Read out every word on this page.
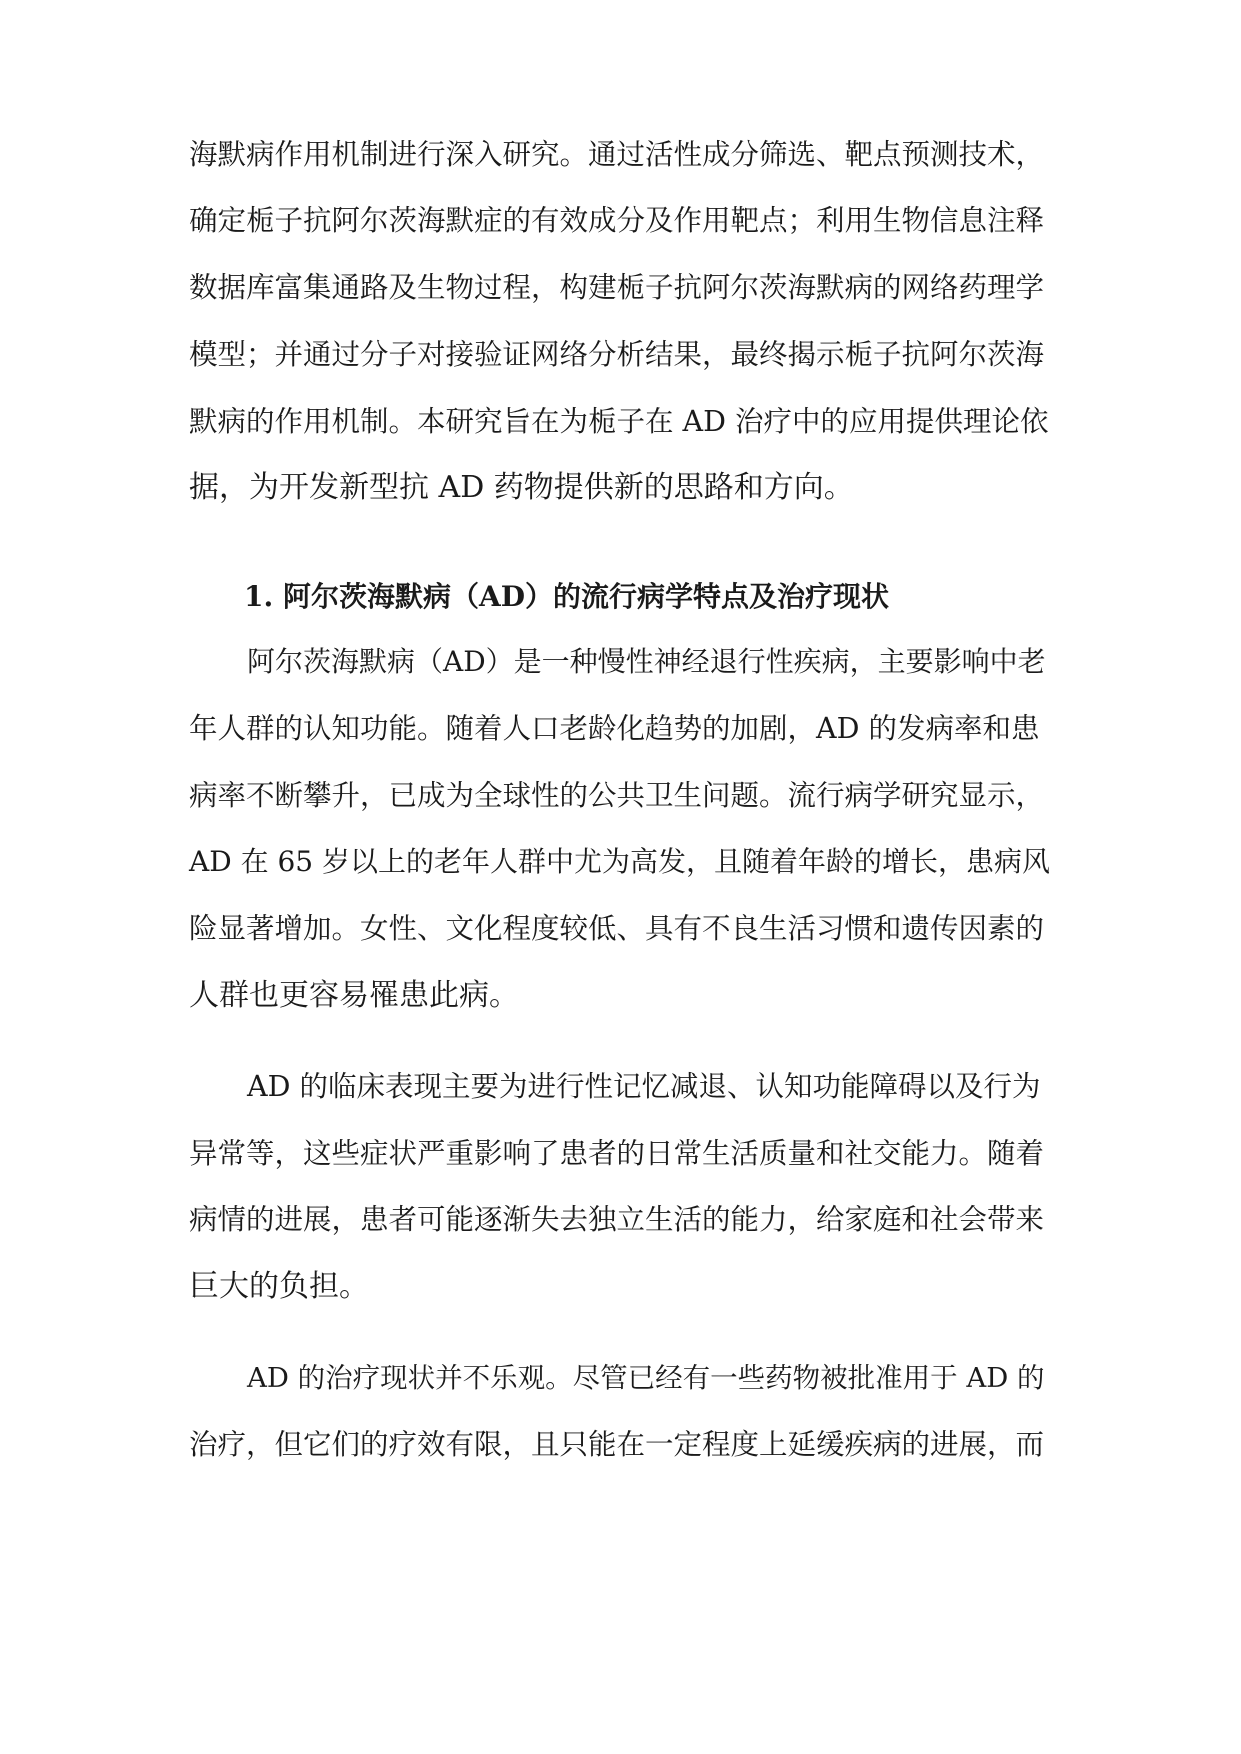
海默病作用机制进行深入研究。通过活性成分筛选、靶点预测技术，
确定栀子抗阿尔茨海默症的有效成分及作用靶点；利用生物信息注释
数据库富集通路及生物过程，构建栀子抗阿尔茨海默病的网络药理学
模型；并通过分子对接验证网络分析结果，最终揭示栀子抗阿尔茨海
默病的作用机制。本研究旨在为栀子在 AD 治疗中的应用提供理论依
据，为开发新型抗 AD 药物提供新的思路和方向。
1. 阿尔茨海默病（AD）的流行病学特点及治疗现状
阿尔茨海默病（AD）是一种慢性神经退行性疾病，主要影响中老
年人群的认知功能。随着人口老龄化趋势的加剧，AD 的发病率和患
病率不断攀升，已成为全球性的公共卫生问题。流行病学研究显示，
AD 在 65 岁以上的老年人群中尤为高发，且随着年龄的增长，患病风
险显著增加。女性、文化程度较低、具有不良生活习惯和遗传因素的
人群也更容易罹患此病。
AD 的临床表现主要为进行性记忆减退、认知功能障碍以及行为
异常等，这些症状严重影响了患者的日常生活质量和社交能力。随着
病情的进展，患者可能逐渐失去独立生活的能力，给家庭和社会带来
巨大的负担。
AD 的治疗现状并不乐观。尽管已经有一些药物被批准用于 AD 的
治疗，但它们的疗效有限，且只能在一定程度上延缓疾病的进展，而
